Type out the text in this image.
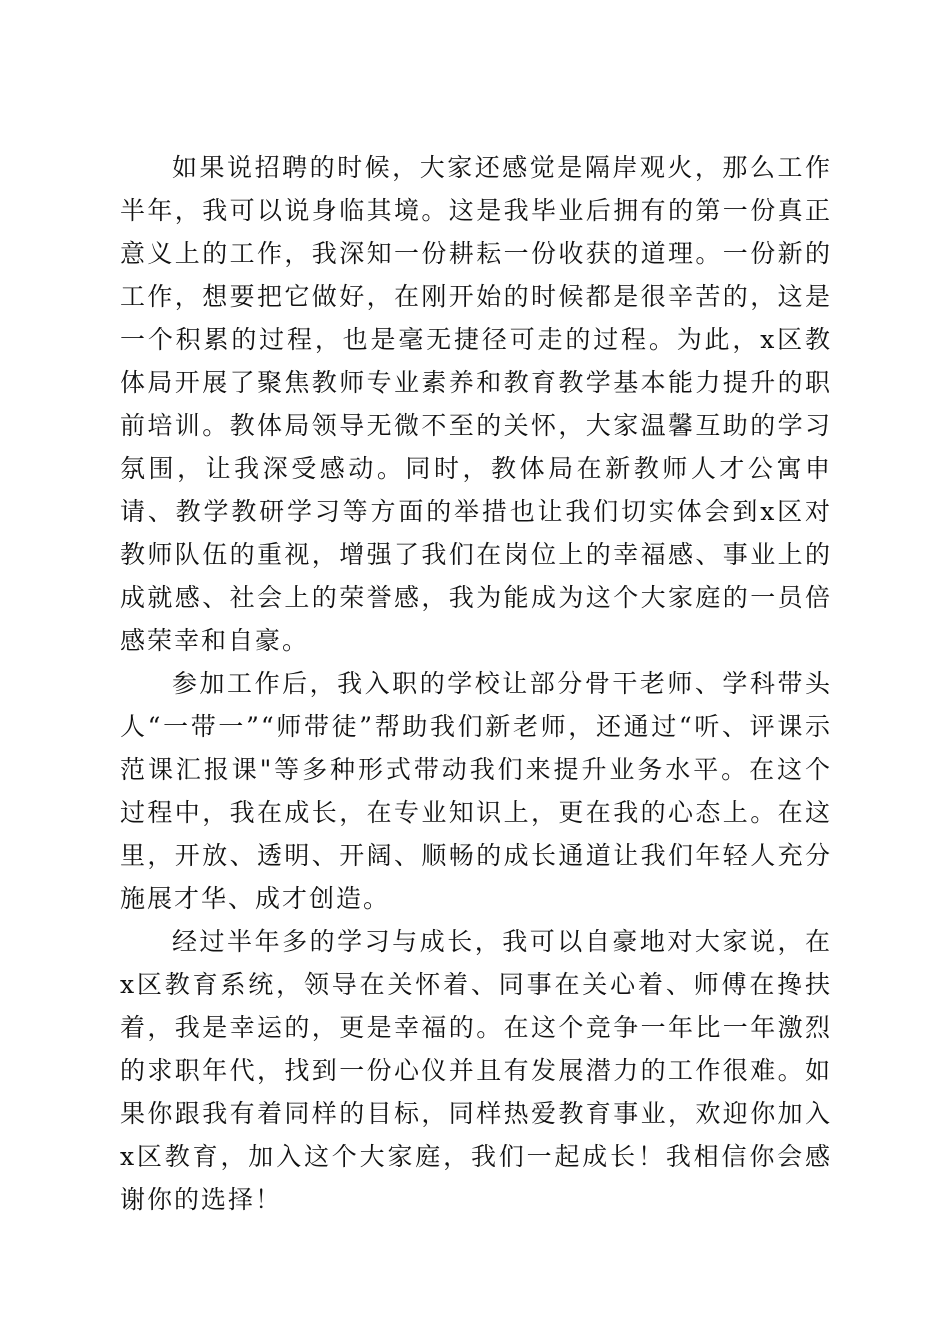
如果说招聘的时候，大家还感觉是隔岸观火，那么工作半年，我可以说身临其境。这是我毕业后拥有的第一份真正意义上的工作，我深知一份耕耘一份收获的道理。一份新的工作，想要把它做好，在刚开始的时候都是很辛苦的，这是一个积累的过程，也是毫无捷径可走的过程。为此，x区教体局开展了聚焦教师专业素养和教育教学基本能力提升的职前培训。教体局领导无微不至的关怀，大家温馨互助的学习氛围，让我深受感动。同时，教体局在新教师人才公寓申请、教学教研学习等方面的举措也让我们切实体会到x区对教师队伍的重视，增强了我们在岗位上的幸福感、事业上的成就感、社会上的荣誉感，我为能成为这个大家庭的一员倍感荣幸和自豪。

参加工作后，我入职的学校让部分骨干老师、学科带头人“一带一”“师带徒”帮助我们新老师，还通过“听、评课示范课汇报课"等多种形式带动我们来提升业务水平。在这个过程中，我在成长，在专业知识上，更在我的心态上。在这里，开放、透明、开阔、顺畅的成长通道让我们年轻人充分施展才华、成才创造。

经过半年多的学习与成长，我可以自豪地对大家说，在x区教育系统，领导在关怀着、同事在关心着、师傅在搀扶着，我是幸运的，更是幸福的。在这个竞争一年比一年激烈的求职年代，找到一份心仪并且有发展潜力的工作很难。如果你跟我有着同样的目标，同样热爱教育事业，欢迎你加入x区教育，加入这个大家庭，我们一起成长！我相信你会感谢你的选择！
